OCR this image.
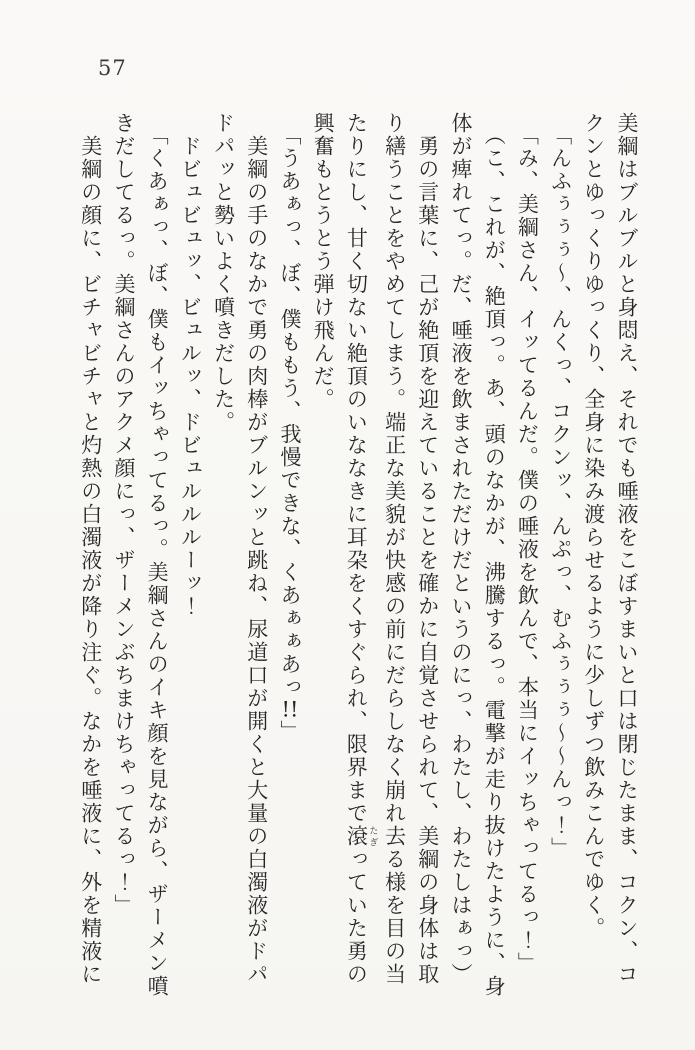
57
美綱はブルブルと身悶え、それでも唾液をこぼすまいと口は閉じたまま、コクン、コ
クンとゆっくりゆっくり、全身に染み渡らせるように少しずつ飲みこんでゆく。
「んふぅぅぅ～、んくっ、コクンッ、んぷっ、むふぅぅぅ～～んっ！」
「み、美綱さん、イッてるんだ。僕の唾液を飲んで、本当にイッちゃってるっ！」
（こ、これが、絶頂っ。あ、頭のなかが、沸騰するっ。電撃が走り抜けたように、身
体が痺れてっ。だ、唾液を飲まされただけだというのにっ、わたし、わたしはぁっ）
勇の言葉に、己が絶頂を迎えていることを確かに自覚させられて、美綱の身体は取
り繕うことをやめてしまう。端正な美貌が快感の前にだらしなく崩れ去る様を目の当
たりにし、甘く切ない絶頂のいななきに耳朶をくすぐられ、限界まで滾 たぎっていた勇の
興奮もとうとう弾け飛んだ。
「うあぁっ、ぼ、僕ももう、我慢できな、くあぁぁあっ!!」
美綱の手のなかで勇の肉棒がブルンッと跳ね、尿道口が開くと大量の白濁液がドパ
ドパッと勢いよく噴きだした。
ドビュビュッ、ビュルッ、ドビュルルルーッ！
「くあぁっ、ぼ、僕もイッちゃってるっ。美綱さんのイキ顔を見ながら、ザーメン噴
きだしてるっ。美綱さんのアクメ顔にっ、ザーメンぶちまけちゃってるっ！」
美綱の顔に、ビチャビチャと灼熱の白濁液が降り注ぐ。なかを唾液に、外を精液に
